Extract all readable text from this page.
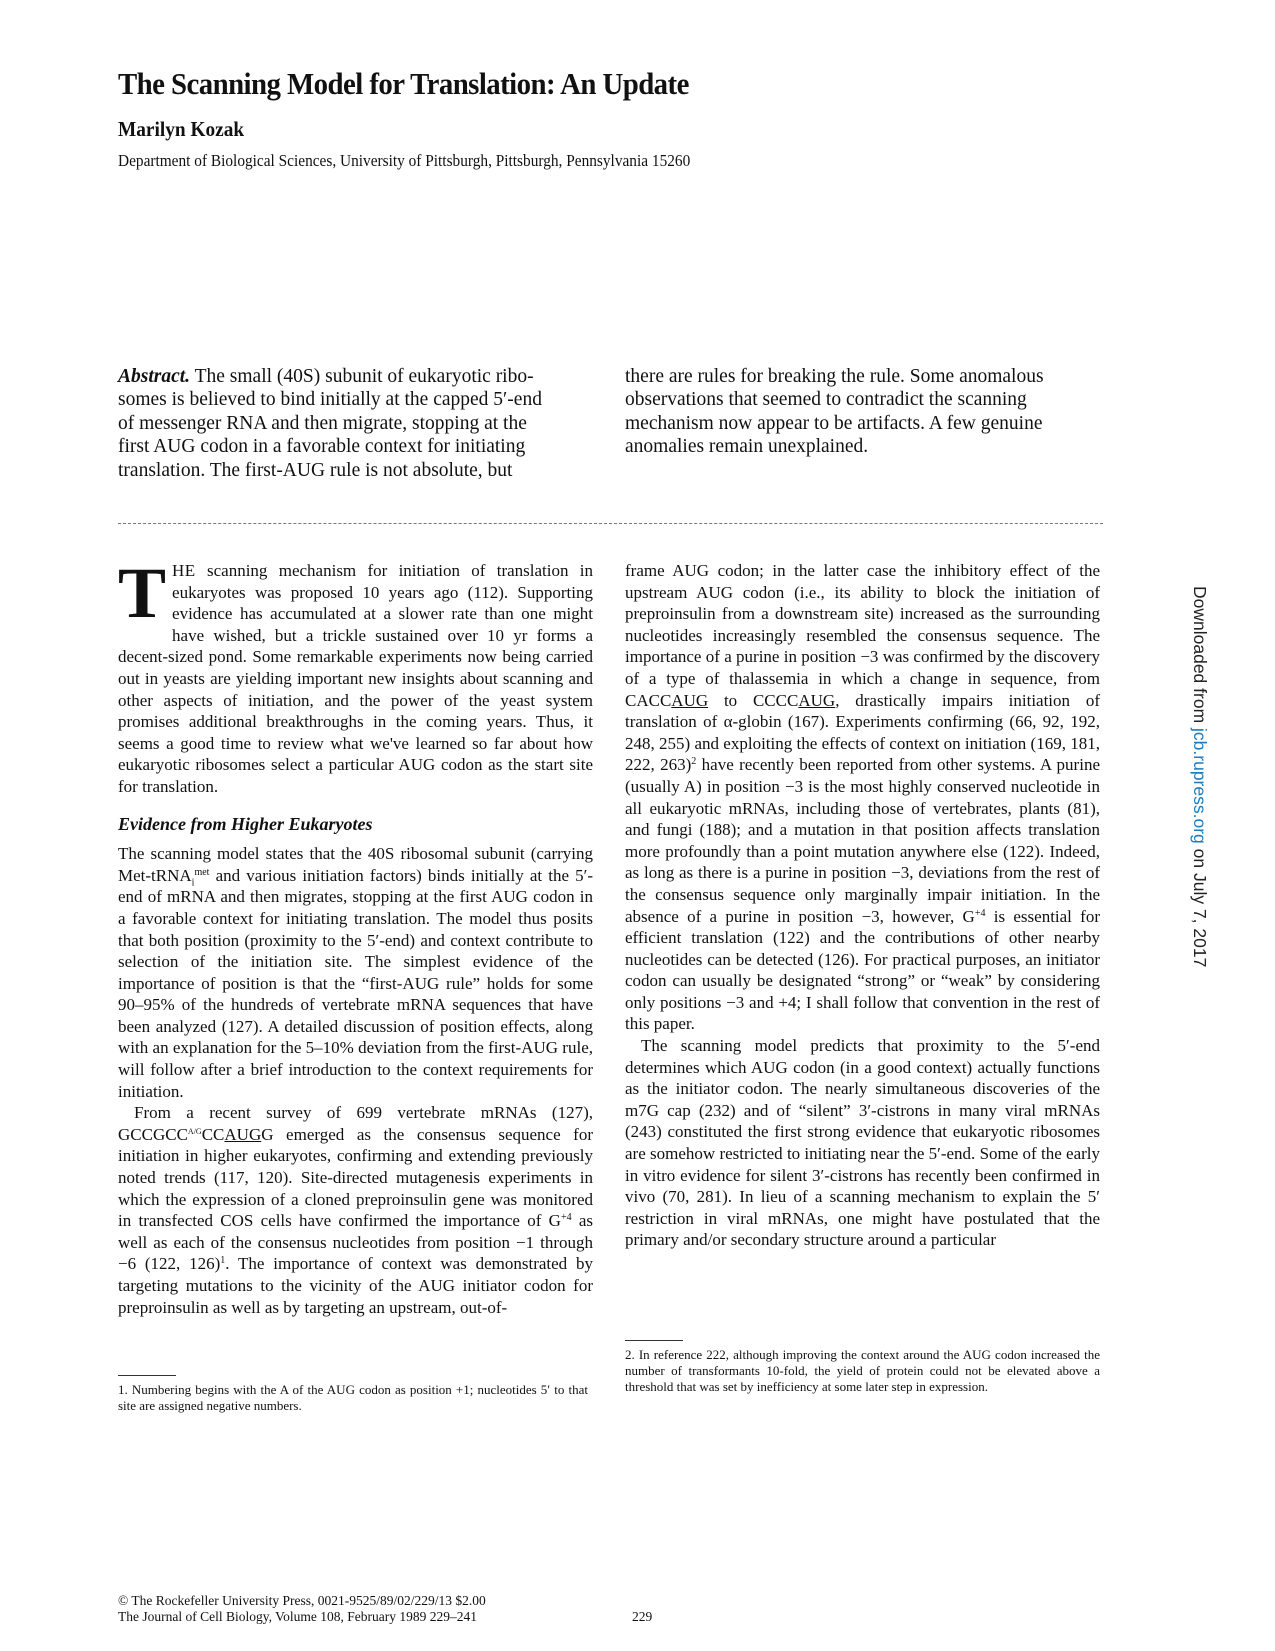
The Scanning Model for Translation: An Update
Marilyn Kozak
Department of Biological Sciences, University of Pittsburgh, Pittsburgh, Pennsylvania 15260
Abstract. The small (40S) subunit of eukaryotic ribo-
somes is believed to bind initially at the capped 5′-end
of messenger RNA and then migrate, stopping at the
first AUG codon in a favorable context for initiating
translation. The first-AUG rule is not absolute, but
there are rules for breaking the rule. Some anomalous
observations that seemed to contradict the scanning
mechanism now appear to be artifacts. A few genuine
anomalies remain unexplained.

THE scanning mechanism for initiation of translation in eukaryotes was proposed 10 years ago (112). Supporting evidence has accumulated at a slower rate than one might have wished, but a trickle sustained over 10 yr forms a decent-sized pond. Some remarkable experiments now being carried out in yeasts are yielding important new insights about scanning and other aspects of initiation, and the power of the yeast system promises additional breakthroughs in the coming years. Thus, it seems a good time to review what we've learned so far about how eukaryotic ribosomes select a particular AUG codon as the start site for translation.

Evidence from Higher Eukaryotes

The scanning model states that the 40S ribosomal subunit (carrying Met-tRNA$_i^{met}$ and various initiation factors) binds initially at the 5′-end of mRNA and then migrates, stopping at the first AUG codon in a favorable context for initiating translation. The model thus posits that both position (proximity to the 5′-end) and context contribute to selection of the initiation site. The simplest evidence of the importance of position is that the “first-AUG rule” holds for some 90–95% of the hundreds of vertebrate mRNA sequences that have been analyzed (127). A detailed discussion of position effects, along with an explanation for the 5–10% deviation from the first-AUG rule, will follow after a brief introduction to the context requirements for initiation.

From a recent survey of 699 vertebrate mRNAs (127), $GCCGCC^{A/G}CCAUGG$ emerged as the consensus sequence for initiation in higher eukaryotes, confirming and extending previously noted trends (117, 120). Site-directed mutagenesis experiments in which the expression of a cloned preproinsulin gene was monitored in transfected COS cells have confirmed the importance of $G^{+4}$ as well as each of the consensus nucleotides from position −1 through −6 (122, 126)$^1$. The importance of context was demonstrated by targeting mutations to the vicinity of the AUG initiator codon for preproinsulin as well as by targeting an upstream, out-of-

frame AUG codon; in the latter case the inhibitory effect of the upstream AUG codon (i.e., its ability to block the initiation of preproinsulin from a downstream site) increased as the surrounding nucleotides increasingly resembled the consensus sequence. The importance of a purine in position −3 was confirmed by the discovery of a type of thalassemia in which a change in sequence, from CACCAUG to CCCCAUG, drastically impairs initiation of translation of α-globin (167). Experiments confirming (66, 92, 192, 248, 255) and exploiting the effects of context on initiation (169, 181, 222, 263)$^2$ have recently been reported from other systems. A purine (usually A) in position −3 is the most highly conserved nucleotide in all eukaryotic mRNAs, including those of vertebrates, plants (81), and fungi (188); and a mutation in that position affects translation more profoundly than a point mutation anywhere else (122). Indeed, as long as there is a purine in position −3, deviations from the rest of the consensus sequence only marginally impair initiation. In the absence of a purine in position −3, however, $G^{+4}$ is essential for efficient translation (122) and the contributions of other nearby nucleotides can be detected (126). For practical purposes, an initiator codon can usually be designated “strong” or “weak” by considering only positions −3 and +4; I shall follow that convention in the rest of this paper.

The scanning model predicts that proximity to the 5′-end determines which AUG codon (in a good context) actually functions as the initiator codon. The nearly simultaneous discoveries of the m7G cap (232) and of “silent” 3′-cistrons in many viral mRNAs (243) constituted the first strong evidence that eukaryotic ribosomes are somehow restricted to initiating near the 5′-end. Some of the early in vitro evidence for silent 3′-cistrons has recently been confirmed in vivo (70, 281). In lieu of a scanning mechanism to explain the 5′ restriction in viral mRNAs, one might have postulated that the primary and/or secondary structure around a particular

1. Numbering begins with the A of the AUG codon as position +1; nucleotides 5′ to that site are assigned negative numbers.
2. In reference 222, although improving the context around the AUG codon increased the number of transformants 10-fold, the yield of protein could not be elevated above a threshold that was set by inefficiency at some later step in expression.
© The Rockefeller University Press, 0021-9525/89/02/229/13 $2.00
The Journal of Cell Biology, Volume 108, February 1989 229–241	229
Downloaded from jcb.rupress.org on July 7, 2017
